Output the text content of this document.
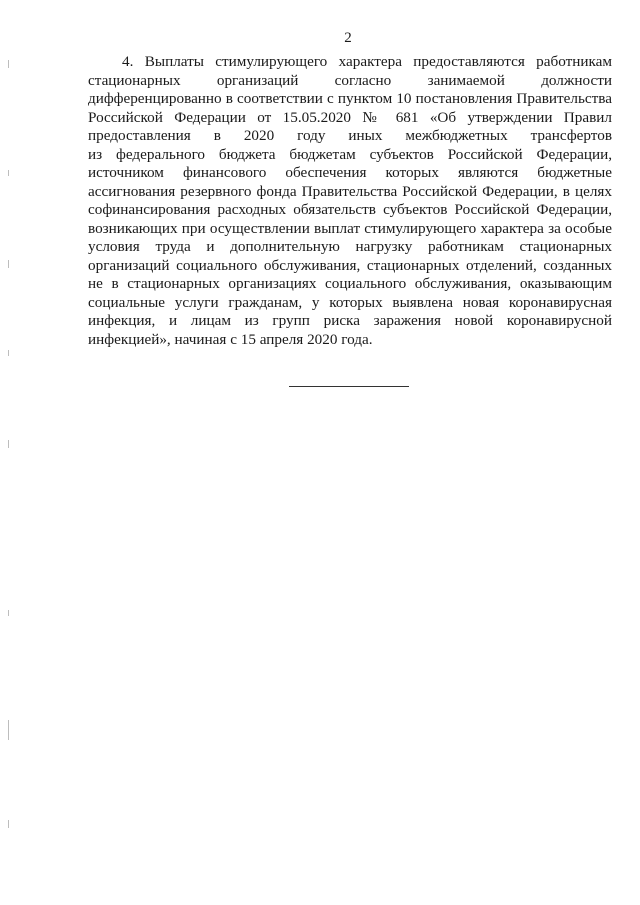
2
4. Выплаты стимулирующего характера предоставляются работникам
стационарных организаций согласно занимаемой должности
дифференцированно в соответствии с пунктом 10 постановления Правительства
Российской Федерации от 15.05.2020 № 681 «Об утверждении Правил
предоставления в 2020 году иных межбюджетных трансфертов
из федерального бюджета бюджетам субъектов Российской Федерации,
источником финансового обеспечения которых являются бюджетные
ассигнования резервного фонда Правительства Российской Федерации, в целях
софинансирования расходных обязательств субъектов Российской Федерации,
возникающих при осуществлении выплат стимулирующего характера за особые
условия труда и дополнительную нагрузку работникам стационарных
организаций социального обслуживания, стационарных отделений, созданных
не в стационарных организациях социального обслуживания, оказывающим
социальные услуги гражданам, у которых выявлена новая коронавирусная
инфекция, и лицам из групп риска заражения новой коронавирусной
инфекцией», начиная с 15 апреля 2020 года.
